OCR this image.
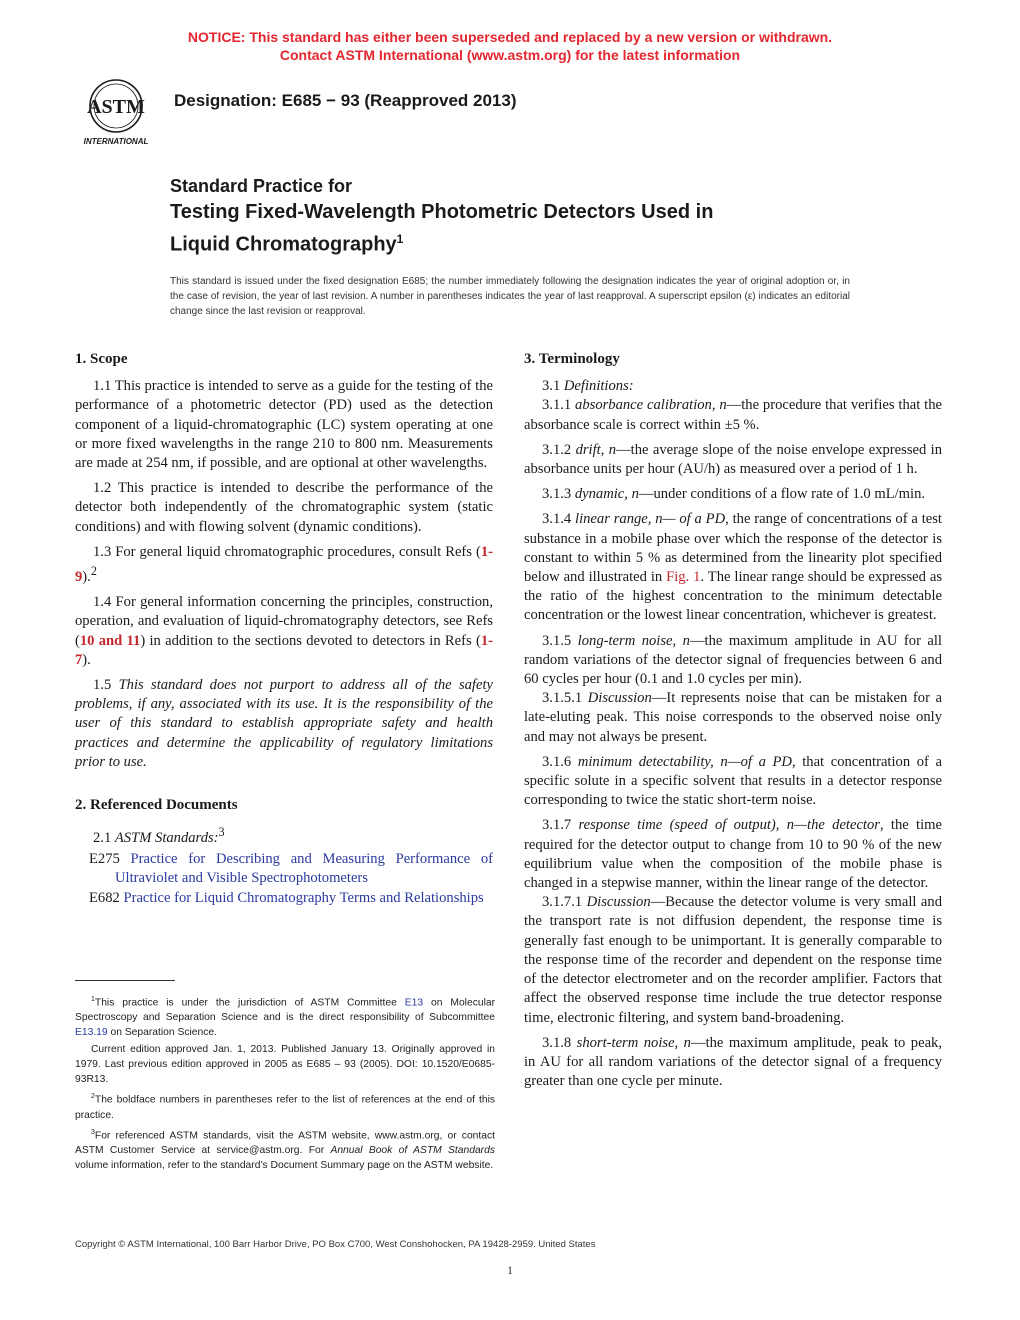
NOTICE: This standard has either been superseded and replaced by a new version or withdrawn.
Contact ASTM International (www.astm.org) for the latest information
ASTM
INTERNATIONAL
Designation: E685 − 93 (Reapproved 2013)
Standard Practice for
Testing Fixed-Wavelength Photometric Detectors Used in
Liquid Chromatography$^1$
This standard is issued under the fixed designation E685; the number immediately following the designation indicates the year of original adoption or, in the case of revision, the year of last revision. A number in parentheses indicates the year of last reapproval. A superscript epsilon (ε) indicates an editorial change since the last revision or reapproval.
1. Scope

1.1 This practice is intended to serve as a guide for the testing of the performance of a photometric detector (PD) used as the detection component of a liquid-chromatographic (LC) system operating at one or more fixed wavelengths in the range 210 to 800 nm. Measurements are made at 254 nm, if possible, and are optional at other wavelengths.

1.2 This practice is intended to describe the performance of the detector both independently of the chromatographic system (static conditions) and with flowing solvent (dynamic conditions).

1.3 For general liquid chromatographic procedures, consult Refs (1-9).$^2$

1.4 For general information concerning the principles, construction, operation, and evaluation of liquid-chromatography detectors, see Refs (10 and 11) in addition to the sections devoted to detectors in Refs (1-7).

1.5 This standard does not purport to address all of the safety problems, if any, associated with its use. It is the responsibility of the user of this standard to establish appropriate safety and health practices and determine the applicability of regulatory limitations prior to use.

2. Referenced Documents

2.1 ASTM Standards:$^3$

E275 Practice for Describing and Measuring Performance of Ultraviolet and Visible Spectrophotometers

E682 Practice for Liquid Chromatography Terms and Relationships

3. Terminology

3.1 Definitions:

3.1.1 absorbance calibration, n—the procedure that verifies that the absorbance scale is correct within ±5 %.

3.1.2 drift, n—the average slope of the noise envelope expressed in absorbance units per hour (AU/h) as measured over a period of 1 h.

3.1.3 dynamic, n—under conditions of a flow rate of 1.0 mL/min.

3.1.4 linear range, n— of a PD, the range of concentrations of a test substance in a mobile phase over which the response of the detector is constant to within 5 % as determined from the linearity plot specified below and illustrated in Fig. 1. The linear range should be expressed as the ratio of the highest concentration to the minimum detectable concentration or the lowest linear concentration, whichever is greatest.

3.1.5 long-term noise, n—the maximum amplitude in AU for all random variations of the detector signal of frequencies between 6 and 60 cycles per hour (0.1 and 1.0 cycles per min).

3.1.5.1 Discussion—It represents noise that can be mistaken for a late-eluting peak. This noise corresponds to the observed noise only and may not always be present.

3.1.6 minimum detectability, n—of a PD, that concentration of a specific solute in a specific solvent that results in a detector response corresponding to twice the static short-term noise.

3.1.7 response time (speed of output), n—the detector, the time required for the detector output to change from 10 to 90 % of the new equilibrium value when the composition of the mobile phase is changed in a stepwise manner, within the linear range of the detector.

3.1.7.1 Discussion—Because the detector volume is very small and the transport rate is not diffusion dependent, the response time is generally fast enough to be unimportant. It is generally comparable to the response time of the recorder and dependent on the response time of the detector electrometer and on the recorder amplifier. Factors that affect the observed response time include the true detector response time, electronic filtering, and system band-broadening.

3.1.8 short-term noise, n—the maximum amplitude, peak to peak, in AU for all random variations of the detector signal of a frequency greater than one cycle per minute.

$^1$This practice is under the jurisdiction of ASTM Committee E13 on Molecular Spectroscopy and Separation Science and is the direct responsibility of Subcommittee E13.19 on Separation Science.

Current edition approved Jan. 1, 2013. Published January 13. Originally approved in 1979. Last previous edition approved in 2005 as E685 – 93 (2005). DOI: 10.1520/E0685-93R13.

$^2$The boldface numbers in parentheses refer to the list of references at the end of this practice.

$^3$For referenced ASTM standards, visit the ASTM website, www.astm.org, or contact ASTM Customer Service at service@astm.org. For Annual Book of ASTM Standards volume information, refer to the standard’s Document Summary page on the ASTM website.

Copyright © ASTM International, 100 Barr Harbor Drive, PO Box C700, West Conshohocken, PA 19428-2959. United States
1
